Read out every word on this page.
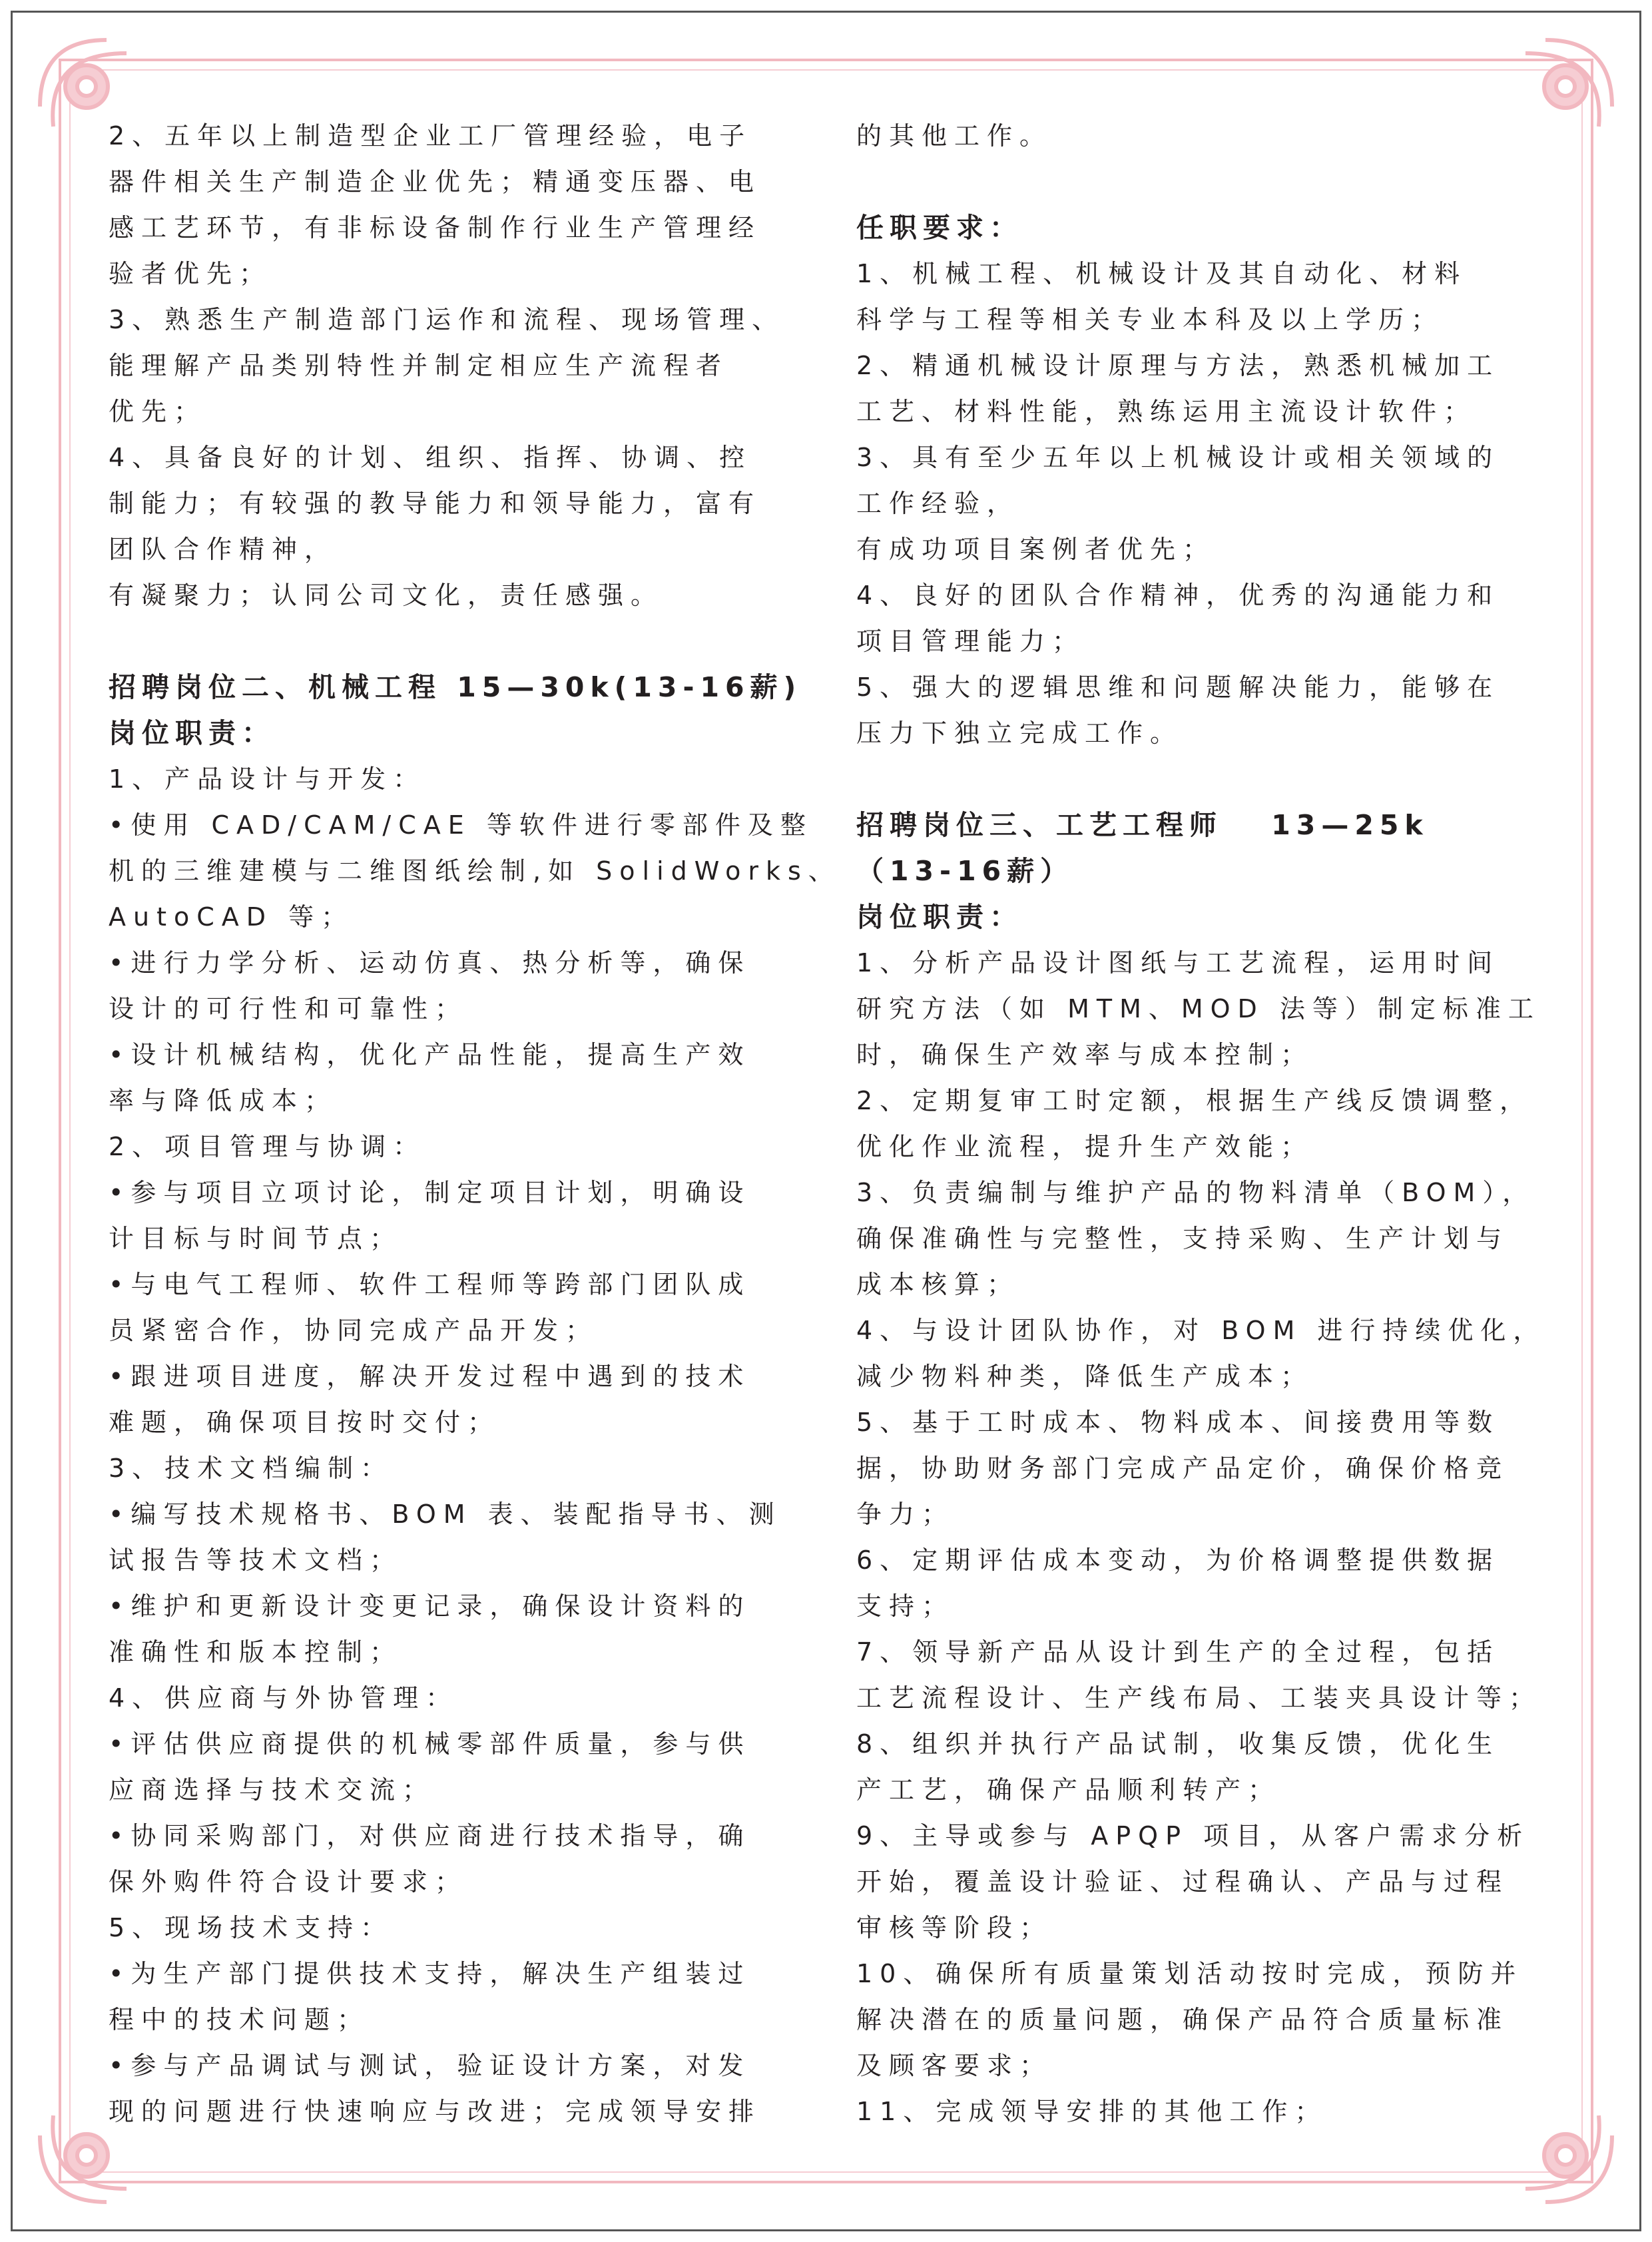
2、五年以上制造型企业工厂管理经验，电子
器件相关生产制造企业优先；精通变压器、电
感工艺环节，有非标设备制作行业生产管理经
验者优先；
3、熟悉生产制造部门运作和流程、现场管理、
能理解产品类别特性并制定相应生产流程者
优先；
4、具备良好的计划、组织、指挥、协调、控
制能力；有较强的教导能力和领导能力，富有
团队合作精神，
有凝聚力；认同公司文化，责任感强。
招聘岗位二、机械工程 15—30k(13-16薪)
岗位职责：
1、产品设计与开发：
•使用 CAD/CAM/CAE 等软件进行零部件及整
机的三维建模与二维图纸绘制,如 SolidWorks、
AutoCAD 等；
•进行力学分析、运动仿真、热分析等，确保
设计的可行性和可靠性；
•设计机械结构，优化产品性能，提高生产效
率与降低成本；
2、项目管理与协调：
•参与项目立项讨论，制定项目计划，明确设
计目标与时间节点；
•与电气工程师、软件工程师等跨部门团队成
员紧密合作，协同完成产品开发；
•跟进项目进度，解决开发过程中遇到的技术
难题，确保项目按时交付；
3、技术文档编制：
•编写技术规格书、BOM 表、装配指导书、测
试报告等技术文档；
•维护和更新设计变更记录，确保设计资料的
准确性和版本控制；
4、供应商与外协管理：
•评估供应商提供的机械零部件质量，参与供
应商选择与技术交流；
•协同采购部门，对供应商进行技术指导，确
保外购件符合设计要求；
5、现场技术支持：
•为生产部门提供技术支持，解决生产组装过
程中的技术问题；
•参与产品调试与测试，验证设计方案，对发
现的问题进行快速响应与改进；完成领导安排
的其他工作。
任职要求：
1、机械工程、机械设计及其自动化、材料
科学与工程等相关专业本科及以上学历；
2、精通机械设计原理与方法，熟悉机械加工
工艺、材料性能，熟练运用主流设计软件；
3、具有至少五年以上机械设计或相关领域的
工作经验，
有成功项目案例者优先；
4、良好的团队合作精神，优秀的沟通能力和
项目管理能力；
5、强大的逻辑思维和问题解决能力，能够在
压力下独立完成工作。
招聘岗位三、工艺工程师　 13—25k
（13-16薪）
岗位职责：
1、分析产品设计图纸与工艺流程，运用时间
研究方法（如 MTM、MOD 法等）制定标准工
时，确保生产效率与成本控制；
2、定期复审工时定额，根据生产线反馈调整，
优化作业流程，提升生产效能；
3、负责编制与维护产品的物料清单（BOM），
确保准确性与完整性，支持采购、生产计划与
成本核算；
4、与设计团队协作，对 BOM 进行持续优化，
减少物料种类，降低生产成本；
5、基于工时成本、物料成本、间接费用等数
据，协助财务部门完成产品定价，确保价格竞
争力；
6、定期评估成本变动，为价格调整提供数据
支持；
7、领导新产品从设计到生产的全过程，包括
工艺流程设计、生产线布局、工装夹具设计等；
8、组织并执行产品试制，收集反馈，优化生
产工艺，确保产品顺利转产；
9、主导或参与 APQP 项目，从客户需求分析
开始，覆盖设计验证、过程确认、产品与过程
审核等阶段；
10、确保所有质量策划活动按时完成，预防并
解决潜在的质量问题，确保产品符合质量标准
及顾客要求；
11、完成领导安排的其他工作；
